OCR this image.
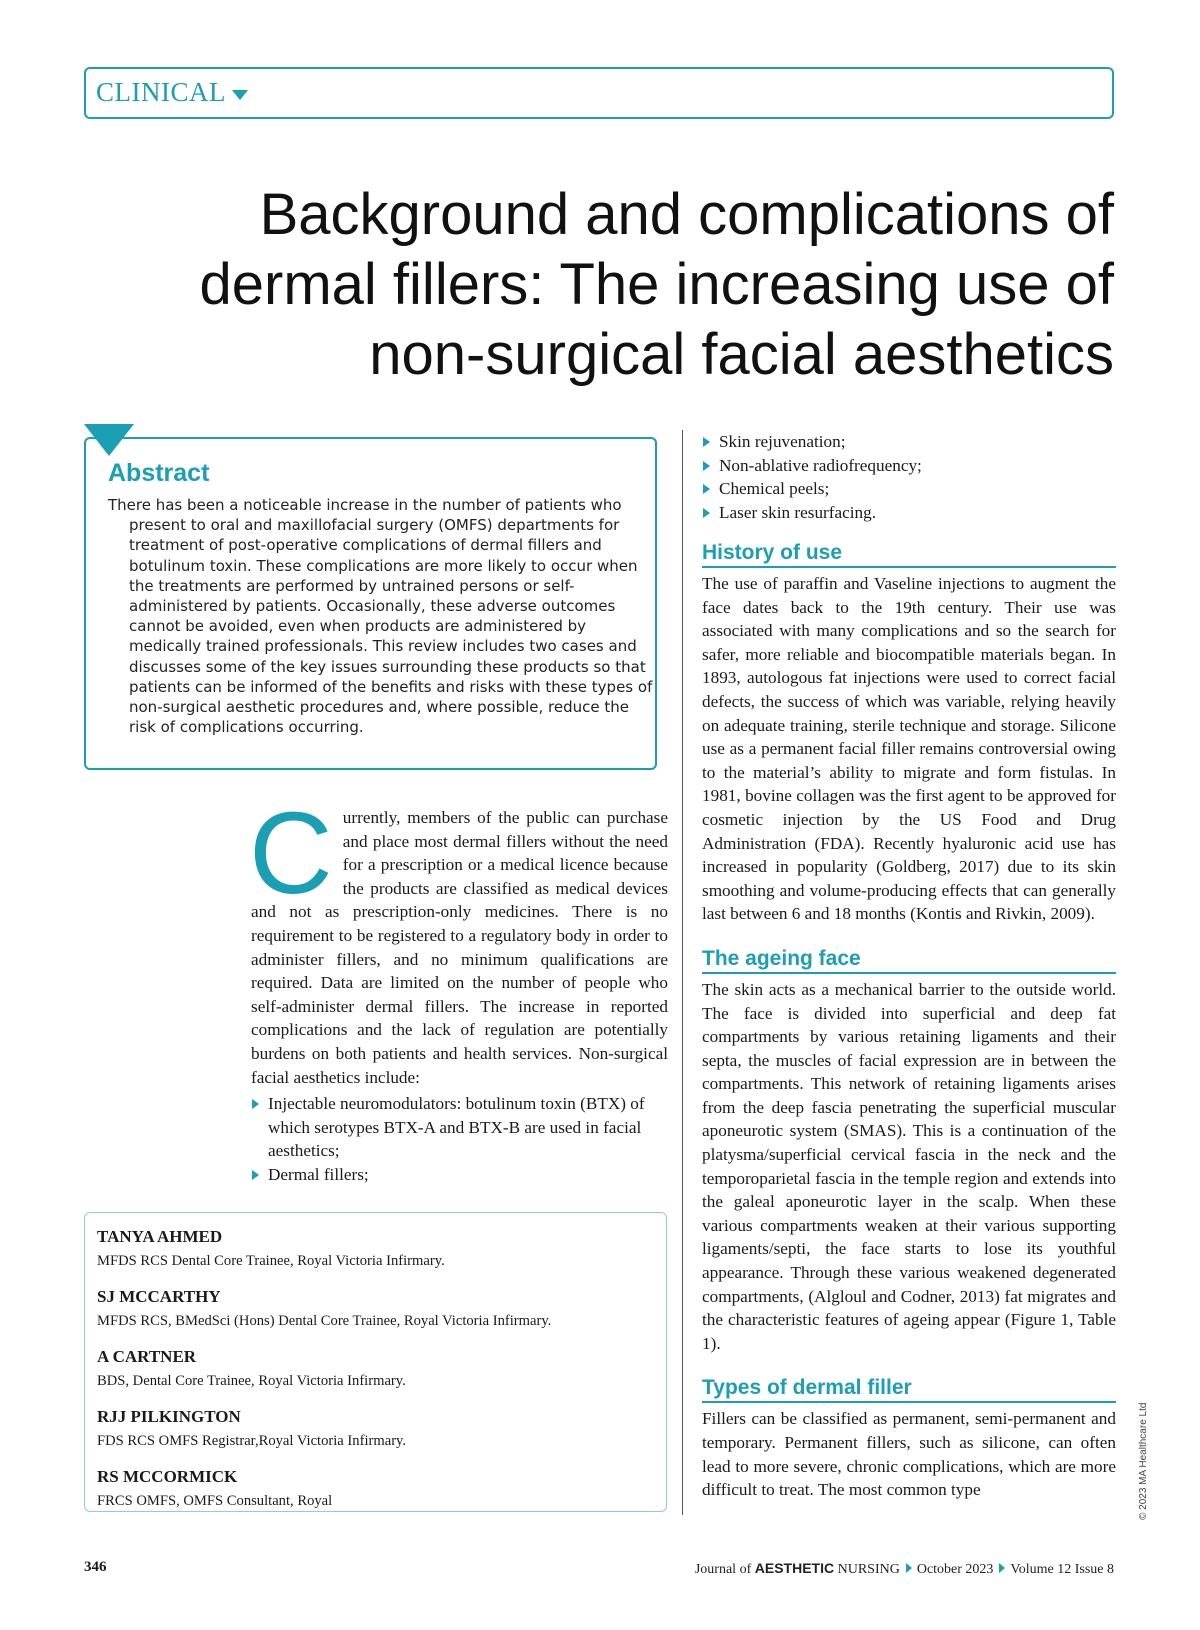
CLINICAL
Background and complications of dermal fillers: The increasing use of non-surgical facial aesthetics
Abstract

There has been a noticeable increase in the number of patients who present to oral and maxillofacial surgery (OMFS) departments for treatment of post-operative complications of dermal fillers and botulinum toxin. These complications are more likely to occur when the treatments are performed by untrained persons or self-administered by patients. Occasionally, these adverse outcomes cannot be avoided, even when products are administered by medically trained professionals. This review includes two cases and discusses some of the key issues surrounding these products so that patients can be informed of the benefits and risks with these types of non-surgical aesthetic procedures and, where possible, reduce the risk of complications occurring.

Currently, members of the public can purchase and place most dermal fillers without the need for a prescription or a medical licence because the products are classified as medical devices and not as prescription-only medicines. There is no requirement to be registered to a regulatory body in order to administer fillers, and no minimum qualifications are required. Data are limited on the number of people who self-administer dermal fillers. The increase in reported complications and the lack of regulation are potentially burdens on both patients and health services. Non-surgical facial aesthetics include:

Injectable neuromodulators: botulinum toxin (BTX) of which serotypes BTX-A and BTX-B are used in facial aesthetics;
Dermal fillers;
Skin rejuvenation;
Non-ablative radiofrequency;
Chemical peels;
Laser skin resurfacing.
History of use

The use of paraffin and Vaseline injections to augment the face dates back to the 19th century. Their use was associated with many complications and so the search for safer, more reliable and biocompatible materials began. In 1893, autologous fat injections were used to correct facial defects, the success of which was variable, relying heavily on adequate training, sterile technique and storage. Silicone use as a permanent facial filler remains controversial owing to the material’s ability to migrate and form fistulas. In 1981, bovine collagen was the first agent to be approved for cosmetic injection by the US Food and Drug Administration (FDA). Recently hyaluronic acid use has increased in popularity (Goldberg, 2017) due to its skin smoothing and volume-producing effects that can generally last between 6 and 18 months (Kontis and Rivkin, 2009).

The ageing face

The skin acts as a mechanical barrier to the outside world. The face is divided into superficial and deep fat compartments by various retaining ligaments and their septa, the muscles of facial expression are in between the compartments. This network of retaining ligaments arises from the deep fascia penetrating the superficial muscular aponeurotic system (SMAS). This is a continuation of the platysma/superficial cervical fascia in the neck and the temporoparietal fascia in the temple region and extends into the galeal aponeurotic layer in the scalp. When these various compartments weaken at their various supporting ligaments/septi, the face starts to lose its youthful appearance. Through these various weakened degenerated compartments, (Algloul and Codner, 2013) fat migrates and the characteristic features of ageing appear (Figure 1, Table 1).

Types of dermal filler

Fillers can be classified as permanent, semi-permanent and temporary. Permanent fillers, such as silicone, can often lead to more severe, chronic complications, which are more difficult to treat. The most common type

TANYA AHMED

MFDS RCS Dental Core Trainee, Royal Victoria Infirmary.

SJ MCCARTHY

MFDS RCS, BMedSci (Hons) Dental Core Trainee, Royal Victoria Infirmary.

A CARTNER

BDS, Dental Core Trainee, Royal Victoria Infirmary.

RJJ PILKINGTON

FDS RCS OMFS Registrar,Royal Victoria Infirmary.

RS MCCORMICK

FRCS OMFS, OMFS Consultant, Royal	© 2023 MA Healthcare Ltd
346	Journal of AESTHETIC NURSING October 2023 Volume 12 Issue 8
